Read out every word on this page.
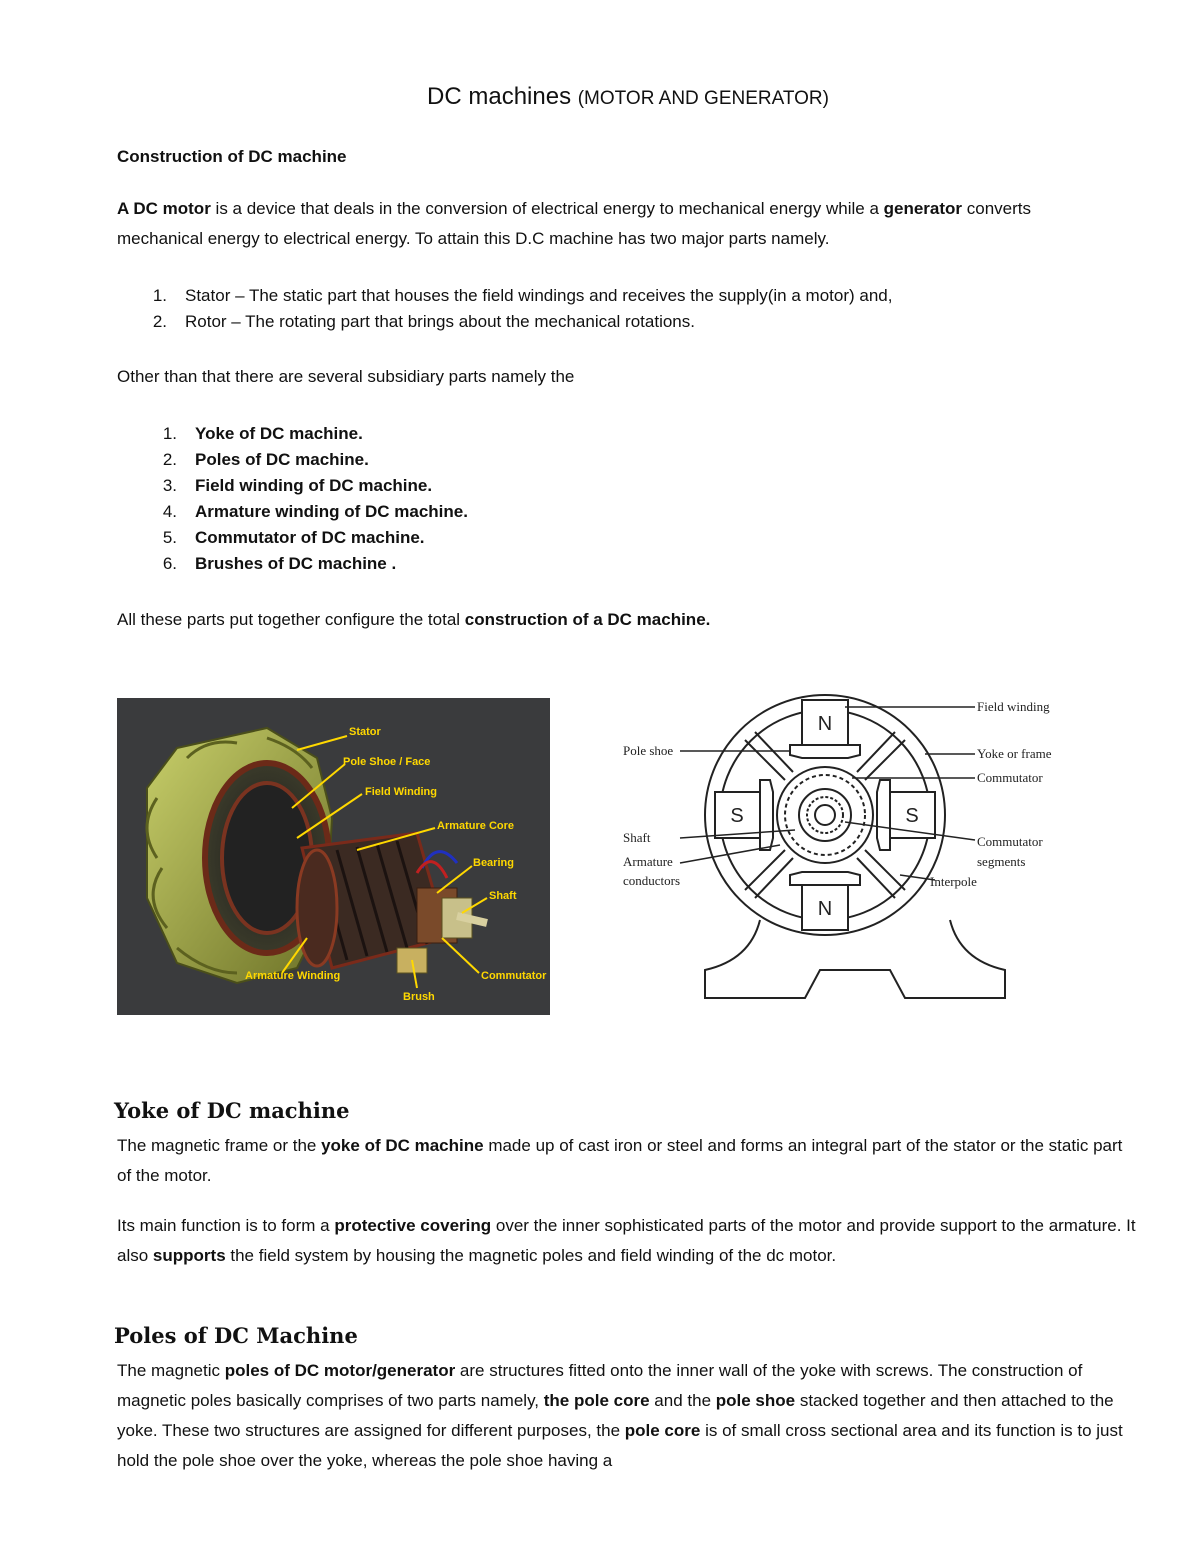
DC machines (MOTOR AND GENERATOR)
Construction of DC machine
A DC motor is a device that deals in the conversion of electrical energy to mechanical energy while a generator converts mechanical energy to electrical energy. To attain this D.C machine has two major parts namely.
1. Stator – The static part that houses the field windings and receives the supply(in a motor) and,
2. Rotor – The rotating part that brings about the mechanical rotations.
Other than that there are several subsidiary parts namely the
1. Yoke of DC machine.
2. Poles of DC machine.
3. Field winding of DC machine.
4. Armature winding of DC machine.
5. Commutator of DC machine.
6. Brushes of DC machine .
All these parts put together configure the total construction of a DC machine.
Stator
Pole Shoe / Face
Field Winding
Armature Core
Bearing
Shaft
Commutator
Brush
Armature Winding
N
N
S	S
Field winding
Pole shoe	Yoke or frame
Commutator
Shaft	Commutator
segments
Armature
conductors	Interpole
Yoke of DC machine
The magnetic frame or the yoke of DC machine made up of cast iron or steel and forms an integral part of the stator or the static part of the motor.
Its main function is to form a protective covering over the inner sophisticated parts of the motor and provide support to the armature. It also supports the field system by housing the magnetic poles and field winding of the dc motor.
Poles of DC Machine
The magnetic poles of DC motor/generator are structures fitted onto the inner wall of the yoke with screws. The construction of magnetic poles basically comprises of two parts namely, the pole core and the pole shoe stacked together and then attached to the yoke. These two structures are assigned for different purposes, the pole core is of small cross sectional area and its function is to just hold the pole shoe over the yoke, whereas the pole shoe having a
